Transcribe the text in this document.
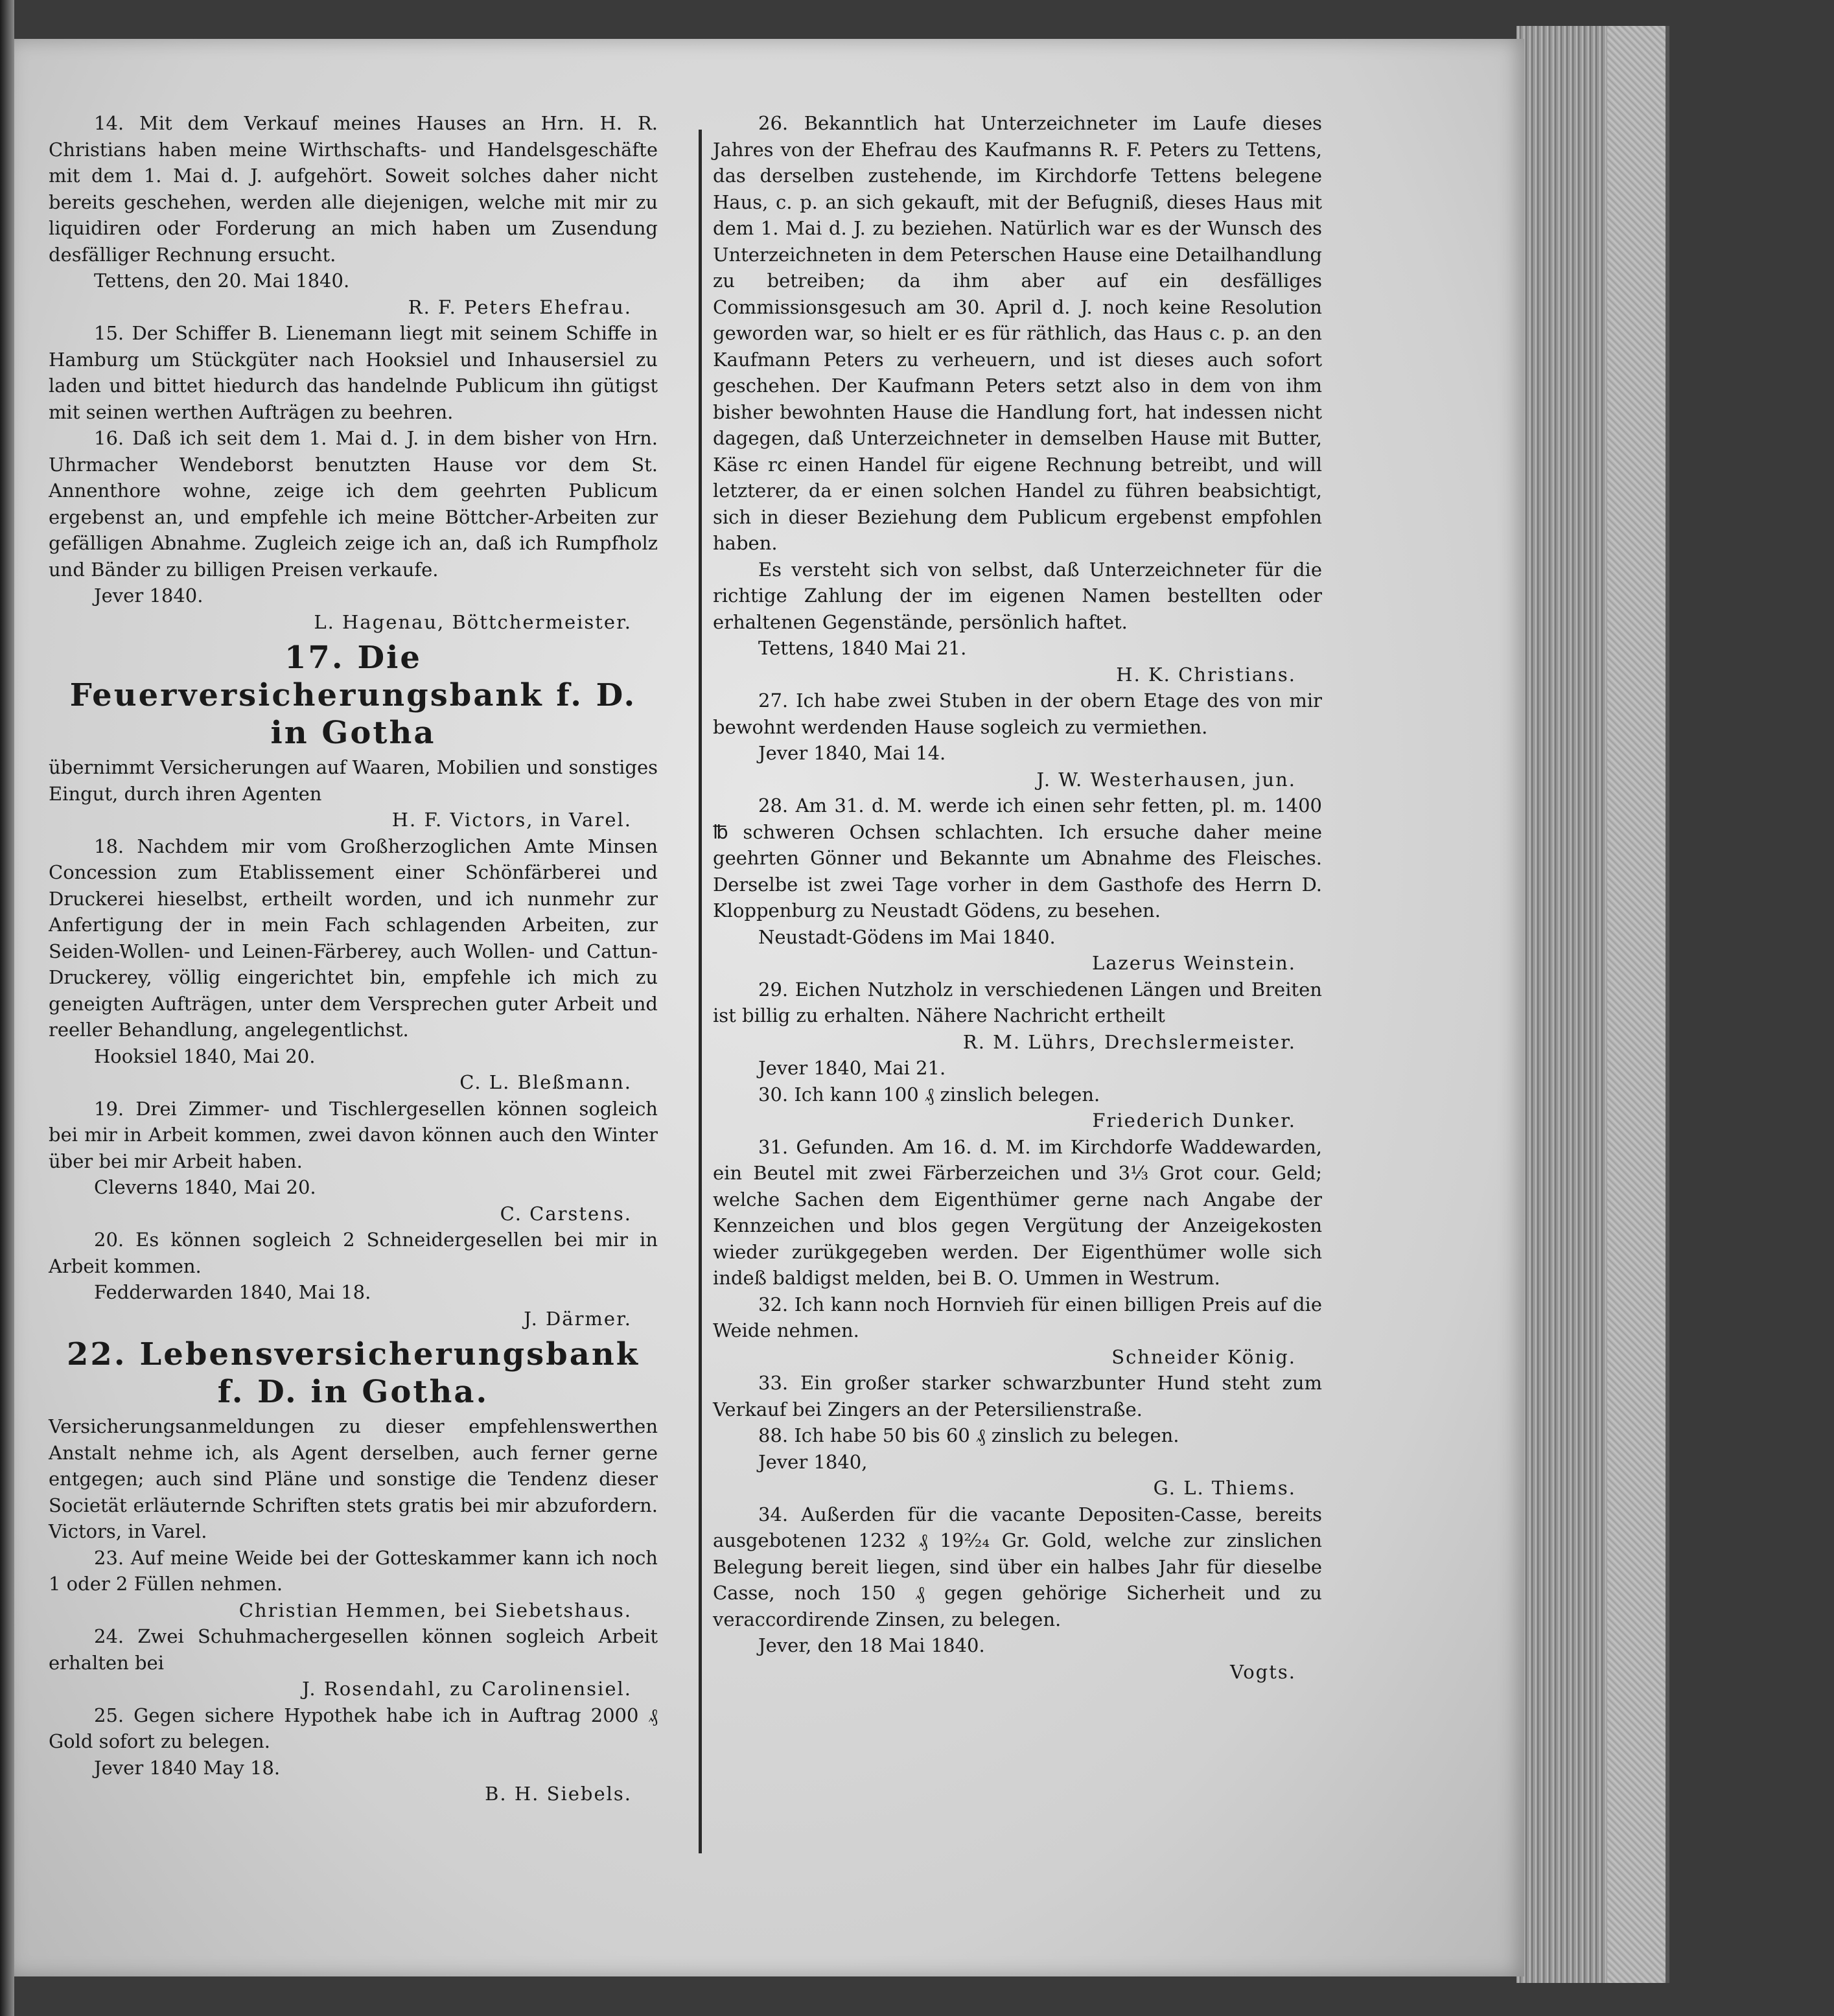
14. Mit dem Verkauf meines Hauses an Hrn. H. R. Christians haben meine Wirthschafts- und Handelsgeschäfte mit dem 1. Mai d. J. aufgehört. Soweit solches daher nicht bereits geschehen, werden alle diejenigen, welche mit mir zu liquidiren oder Forderung an mich haben um Zusendung desfälliger Rechnung ersucht.

Tettens, den 20. Mai 1840.

R. F. Peters Ehefrau.

15. Der Schiffer B. Lienemann liegt mit seinem Schiffe in Hamburg um Stückgüter nach Hooksiel und Inhausersiel zu laden und bittet hiedurch das handelnde Publicum ihn gütigst mit seinen werthen Aufträgen zu beehren.

16. Daß ich seit dem 1. Mai d. J. in dem bisher von Hrn. Uhrmacher Wendeborst benutzten Hause vor dem St. Annenthore wohne, zeige ich dem geehrten Publicum ergebenst an, und empfehle ich meine Böttcher-Arbeiten zur gefälligen Abnahme. Zugleich zeige ich an, daß ich Rumpfholz und Bänder zu billigen Preisen verkaufe.

Jever 1840.

L. Hagenau, Böttchermeister.

17. Die Feuerversicherungsbank f. D. in Gotha

übernimmt Versicherungen auf Waaren, Mobilien und sonstiges Eingut, durch ihren Agenten

H. F. Victors, in Varel.

18. Nachdem mir vom Großherzoglichen Amte Minsen Concession zum Etablissement einer Schönfärberei und Druckerei hieselbst, ertheilt worden, und ich nunmehr zur Anfertigung der in mein Fach schlagenden Arbeiten, zur Seiden-Wollen- und Leinen-Färberey, auch Wollen- und Cattun-Druckerey, völlig eingerichtet bin, empfehle ich mich zu geneigten Aufträgen, unter dem Versprechen guter Arbeit und reeller Behandlung, angelegentlichst.

Hooksiel 1840, Mai 20.

C. L. Bleßmann.

19. Drei Zimmer- und Tischlergesellen können sogleich bei mir in Arbeit kommen, zwei davon können auch den Winter über bei mir Arbeit haben.

Cleverns 1840, Mai 20.

C. Carstens.

20. Es können sogleich 2 Schneidergesellen bei mir in Arbeit kommen.

Fedderwarden 1840, Mai 18.

J. Därmer.

22. Lebensversicherungsbank f. D. in Gotha.

Versicherungsanmeldungen zu dieser empfehlenswerthen Anstalt nehme ich, als Agent derselben, auch ferner gerne entgegen; auch sind Pläne und sonstige die Tendenz dieser Societät erläuternde Schriften stets gratis bei mir abzufordern. Victors, in Varel.

23. Auf meine Weide bei der Gotteskammer kann ich noch 1 oder 2 Füllen nehmen.

Christian Hemmen, bei Siebetshaus.

24. Zwei Schuhmachergesellen können sogleich Arbeit erhalten bei

J. Rosendahl, zu Carolinensiel.

25. Gegen sichere Hypothek habe ich in Auftrag 2000 ₰ Gold sofort zu belegen.

Jever 1840 May 18.

B. H. Siebels.

26. Bekanntlich hat Unterzeichneter im Laufe dieses Jahres von der Ehefrau des Kaufmanns R. F. Peters zu Tettens, das derselben zustehende, im Kirchdorfe Tettens belegene Haus, c. p. an sich gekauft, mit der Befugniß, dieses Haus mit dem 1. Mai d. J. zu beziehen. Natürlich war es der Wunsch des Unterzeichneten in dem Peterschen Hause eine Detailhandlung zu betreiben; da ihm aber auf ein desfälliges Commissionsgesuch am 30. April d. J. noch keine Resolution geworden war, so hielt er es für räthlich, das Haus c. p. an den Kaufmann Peters zu verheuern, und ist dieses auch sofort geschehen. Der Kaufmann Peters setzt also in dem von ihm bisher bewohnten Hause die Handlung fort, hat indessen nicht dagegen, daß Unterzeichneter in demselben Hause mit Butter, Käse rc einen Handel für eigene Rechnung betreibt, und will letzterer, da er einen solchen Handel zu führen beabsichtigt, sich in dieser Beziehung dem Publicum ergebenst empfohlen haben.

Es versteht sich von selbst, daß Unterzeichneter für die richtige Zahlung der im eigenen Namen bestellten oder erhaltenen Gegenstände, persönlich haftet.

Tettens, 1840 Mai 21.

H. K. Christians.

27. Ich habe zwei Stuben in der obern Etage des von mir bewohnt werdenden Hause sogleich zu vermiethen.

Jever 1840, Mai 14.

J. W. Westerhausen, jun.

28. Am 31. d. M. werde ich einen sehr fetten, pl. m. 1400 ℔ schweren Ochsen schlachten. Ich ersuche daher meine geehrten Gönner und Bekannte um Abnahme des Fleisches. Derselbe ist zwei Tage vorher in dem Gasthofe des Herrn D. Kloppenburg zu Neustadt Gödens, zu besehen.

Neustadt-Gödens im Mai 1840.

Lazerus Weinstein.

29. Eichen Nutzholz in verschiedenen Längen und Breiten ist billig zu erhalten. Nähere Nachricht ertheilt

R. M. Lührs, Drechslermeister.

Jever 1840, Mai 21.

30. Ich kann 100 ₰ zinslich belegen.

Friederich Dunker.

31. Gefunden. Am 16. d. M. im Kirchdorfe Waddewarden, ein Beutel mit zwei Färberzeichen und 3⅓ Grot cour. Geld; welche Sachen dem Eigenthümer gerne nach Angabe der Kennzeichen und blos gegen Vergütung der Anzeigekosten wieder zurükgegeben werden. Der Eigenthümer wolle sich indeß baldigst melden, bei B. O. Ummen in Westrum.

32. Ich kann noch Hornvieh für einen billigen Preis auf die Weide nehmen.

Schneider König.

33. Ein großer starker schwarzbunter Hund steht zum Verkauf bei Zingers an der Petersilienstraße.

88. Ich habe 50 bis 60 ₰ zinslich zu belegen.

Jever 1840,

G. L. Thiems.

34. Außerden für die vacante Depositen-Casse, bereits ausgebotenen 1232 ₰ 19²⁄₂₄ Gr. Gold, welche zur zinslichen Belegung bereit liegen, sind über ein halbes Jahr für dieselbe Casse, noch 150 ₰ gegen gehörige Sicherheit und zu veraccordirende Zinsen, zu belegen.

Jever, den 18 Mai 1840.

Vogts.
